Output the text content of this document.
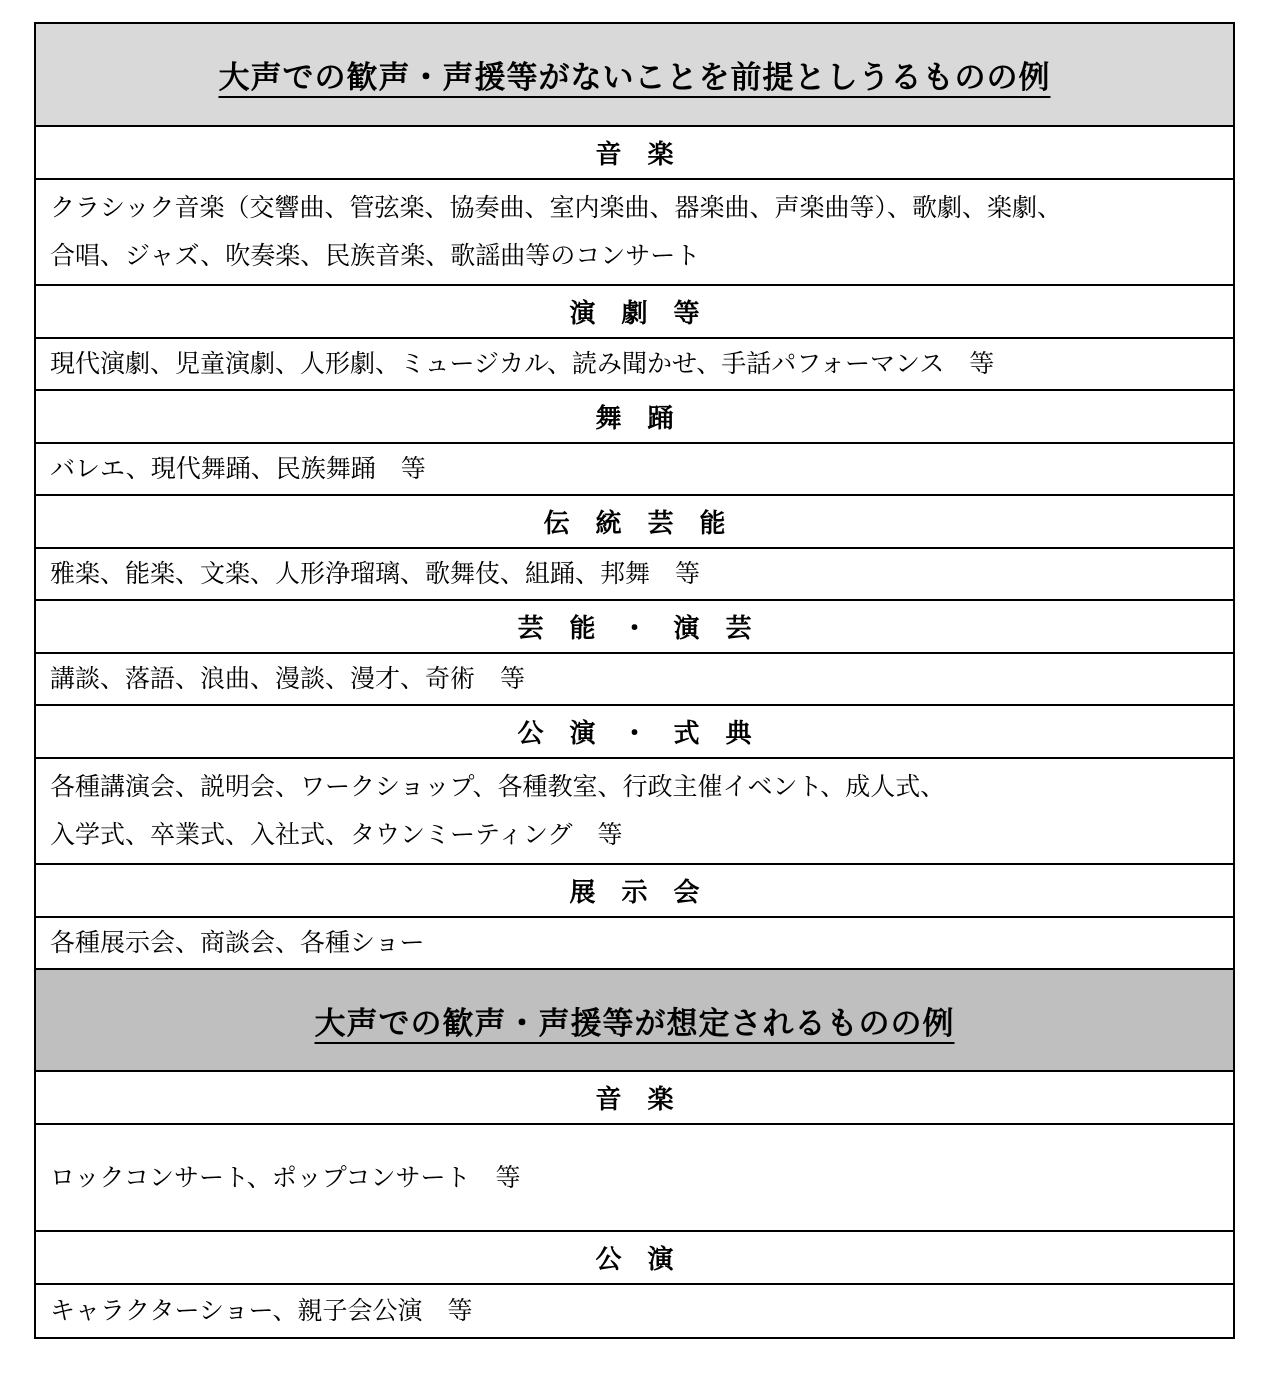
大声での歓声・声援等がないことを前提としうるものの例
音　楽
クラシック音楽（交響曲、管弦楽、協奏曲、室内楽曲、器楽曲、声楽曲等）、歌劇、楽劇、
合唱、ジャズ、吹奏楽、民族音楽、歌謡曲等のコンサート
演　劇　等
現代演劇、児童演劇、人形劇、ミュージカル、読み聞かせ、手話パフォーマンス　等
舞　踊
バレエ、現代舞踊、民族舞踊　等
伝　統　芸　能
雅楽、能楽、文楽、人形浄瑠璃、歌舞伎、組踊、邦舞　等
芸　能　・　演　芸
講談、落語、浪曲、漫談、漫才、奇術　等
公　演　・　式　典
各種講演会、説明会、ワークショップ、各種教室、行政主催イベント、成人式、
入学式、卒業式、入社式、タウンミーティング　等
展　示　会
各種展示会、商談会、各種ショー
大声での歓声・声援等が想定されるものの例
音　楽
ロックコンサート、ポップコンサート　等
公　演
キャラクターショー、親子会公演　等
